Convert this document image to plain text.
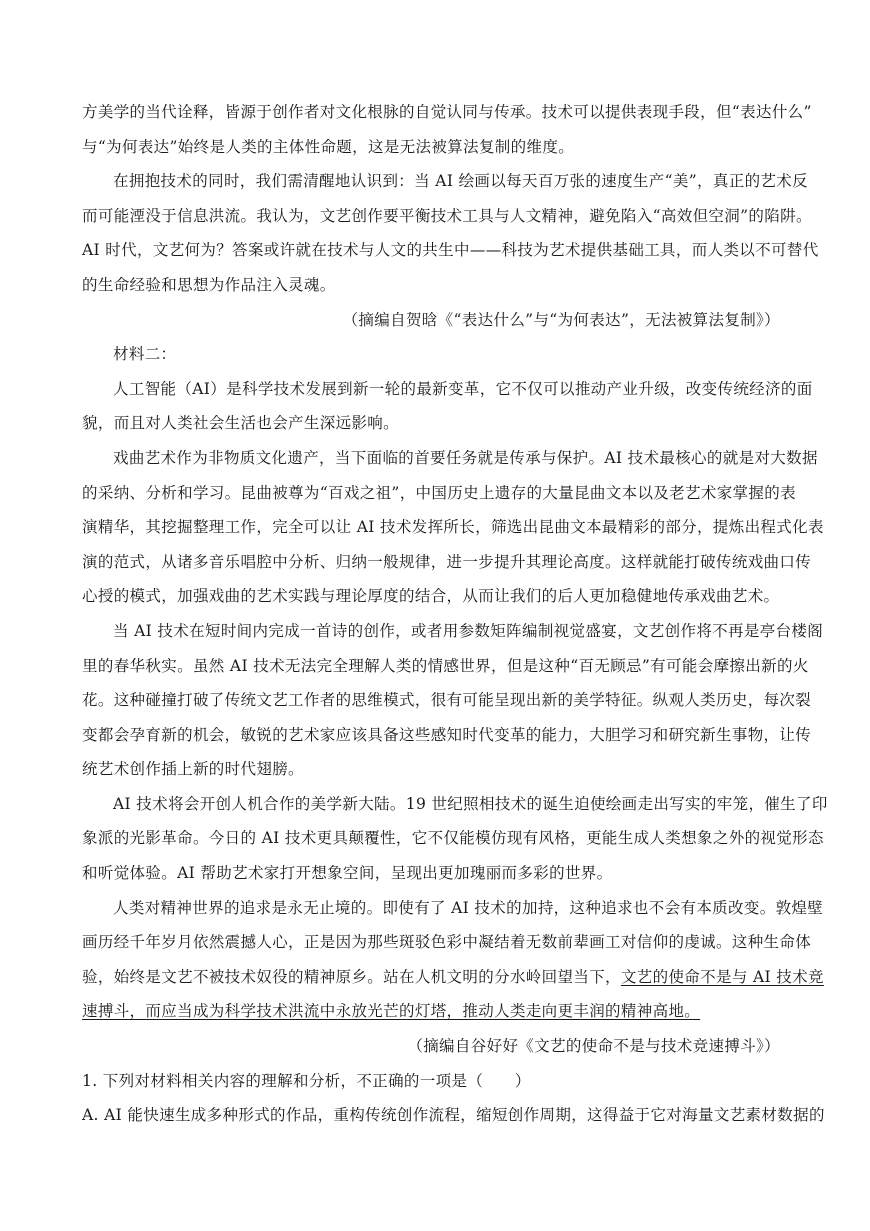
方美学的当代诠释，皆源于创作者对文化根脉的自觉认同与传承。技术可以提供表现手段，但“表达什么”
与“为何表达”始终是人类的主体性命题，这是无法被算法复制的维度。
在拥抱技术的同时，我们需清醒地认识到：当 AI 绘画以每天百万张的速度生产“美”，真正的艺术反
而可能湮没于信息洪流。我认为，文艺创作要平衡技术工具与人文精神，避免陷入“高效但空洞”的陷阱。
AI 时代，文艺何为？答案或许就在技术与人文的共生中——科技为艺术提供基础工具，而人类以不可替代
的生命经验和思想为作品注入灵魂。
（摘编自贺晗《“表达什么”与“为何表达”，无法被算法复制》）
材料二：
人工智能（AI）是科学技术发展到新一轮的最新变革，它不仅可以推动产业升级，改变传统经济的面
貌，而且对人类社会生活也会产生深远影响。
戏曲艺术作为非物质文化遗产，当下面临的首要任务就是传承与保护。AI 技术最核心的就是对大数据
的采纳、分析和学习。昆曲被尊为“百戏之祖”，中国历史上遗存的大量昆曲文本以及老艺术家掌握的表
演精华，其挖掘整理工作，完全可以让 AI 技术发挥所长，筛选出昆曲文本最精彩的部分，提炼出程式化表
演的范式，从诸多音乐唱腔中分析、归纳一般规律，进一步提升其理论高度。这样就能打破传统戏曲口传
心授的模式，加强戏曲的艺术实践与理论厚度的结合，从而让我们的后人更加稳健地传承戏曲艺术。
当 AI 技术在短时间内完成一首诗的创作，或者用参数矩阵编制视觉盛宴，文艺创作将不再是亭台楼阁
里的春华秋实。虽然 AI 技术无法完全理解人类的情感世界，但是这种“百无顾忌”有可能会摩擦出新的火
花。这种碰撞打破了传统文艺工作者的思维模式，很有可能呈现出新的美学特征。纵观人类历史，每次裂
变都会孕育新的机会，敏锐的艺术家应该具备这些感知时代变革的能力，大胆学习和研究新生事物，让传
统艺术创作插上新的时代翅膀。
AI 技术将会开创人机合作的美学新大陆。19 世纪照相技术的诞生迫使绘画走出写实的牢笼，催生了印
象派的光影革命。今日的 AI 技术更具颠覆性，它不仅能模仿现有风格，更能生成人类想象之外的视觉形态
和听觉体验。AI 帮助艺术家打开想象空间，呈现出更加瑰丽而多彩的世界。
人类对精神世界的追求是永无止境的。即使有了 AI 技术的加持，这种追求也不会有本质改变。敦煌壁
画历经千年岁月依然震撼人心，正是因为那些斑驳色彩中凝结着无数前辈画工对信仰的虔诚。这种生命体
验，始终是文艺不被技术奴役的精神原乡。站在人机文明的分水岭回望当下，文艺的使命不是与 AI 技术竞
速搏斗，而应当成为科学技术洪流中永放光芒的灯塔，推动人类走向更丰润的精神高地。
（摘编自谷好好《文艺的使命不是与技术竞速搏斗》）
1. 下列对材料相关内容的理解和分析，不正确的一项是（　　）
A. AI 能快速生成多种形式的作品，重构传统创作流程，缩短创作周期，这得益于它对海量文艺素材数据的
